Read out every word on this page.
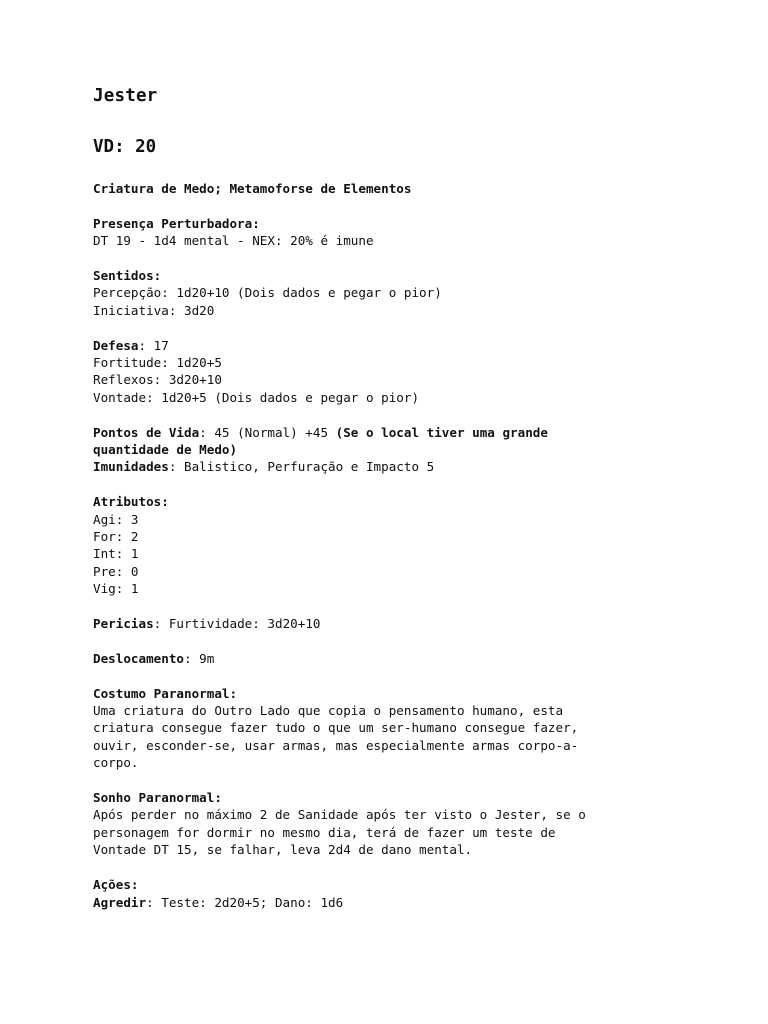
Jester
VD: 20
Criatura de Medo; Metamoforse de Elementos
Presença Perturbadora:
DT 19 - 1d4 mental - NEX: 20% é imune
Sentidos:
Percepção: 1d20+10 (Dois dados e pegar o pior)
Iniciativa: 3d20
Defesa: 17
Fortitude: 1d20+5
Reflexos: 3d20+10
Vontade: 1d20+5 (Dois dados e pegar o pior)
Pontos de Vida: 45 (Normal) +45 (Se o local tiver uma grande
quantidade de Medo)
Imunidades: Balistico, Perfuração e Impacto 5
Atributos:
Agi: 3
For: 2
Int: 1
Pre: 0
Vig: 1
Pericias: Furtividade: 3d20+10
Deslocamento: 9m
Costumo Paranormal:
Uma criatura do Outro Lado que copia o pensamento humano, esta
criatura consegue fazer tudo o que um ser-humano consegue fazer,
ouvir, esconder-se, usar armas, mas especialmente armas corpo-a-
corpo.
Sonho Paranormal:
Após perder no máximo 2 de Sanidade após ter visto o Jester, se o
personagem for dormir no mesmo dia, terá de fazer um teste de
Vontade DT 15, se falhar, leva 2d4 de dano mental.
Ações:
Agredir: Teste: 2d20+5; Dano: 1d6
